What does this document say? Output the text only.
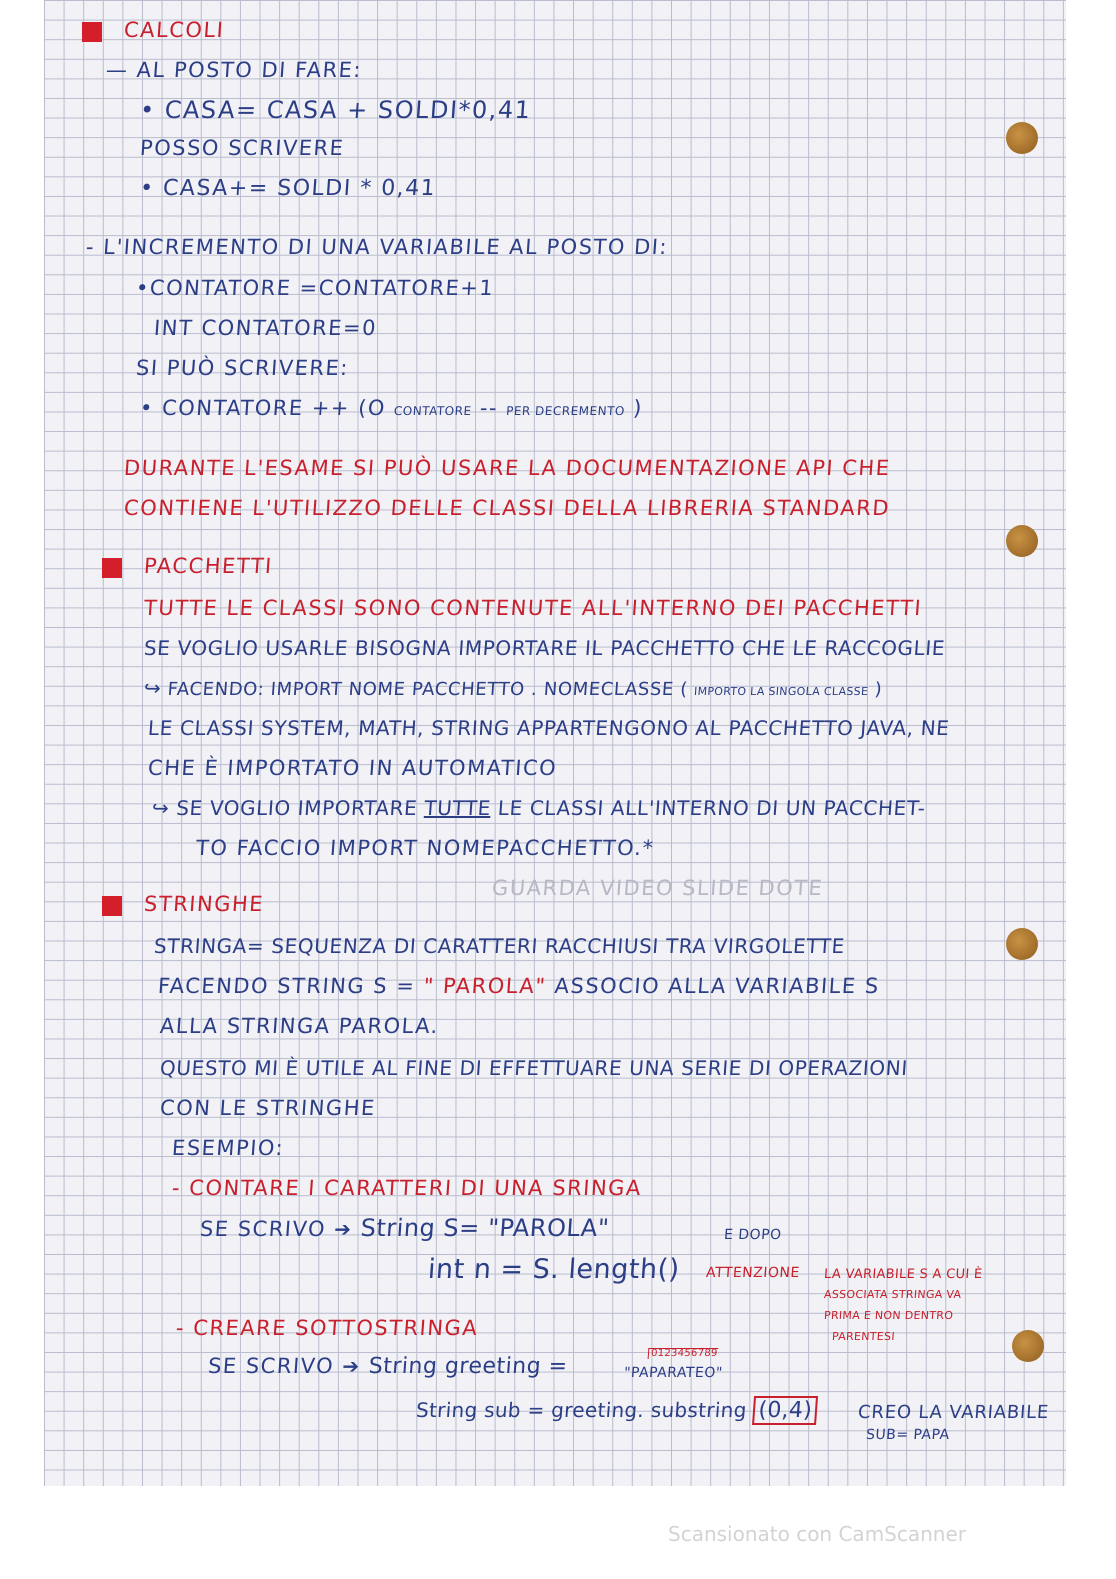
CALCOLI
— AL POSTO DI FARE:
• CASA= CASA + SOLDI*0,41
POSSO SCRIVERE
• CASA+= SOLDI * 0,41
- L'INCREMENTO DI UNA VARIABILE AL POSTO DI:
•CONTATORE =CONTATORE+1
INT CONTATORE=0
SI PUÒ SCRIVERE:
• CONTATORE ++ (O CONTATORE -- PER DECREMENTO )
DURANTE L'ESAME SI PUÒ USARE LA DOCUMENTAZIONE API CHE
CONTIENE L'UTILIZZO DELLE CLASSI DELLA LIBRERIA STANDARD
PACCHETTI
TUTTE LE CLASSI SONO CONTENUTE ALL'INTERNO DEI PACCHETTI
SE VOGLIO USARLE BISOGNA IMPORTARE IL PACCHETTO CHE LE RACCOGLIE
↪ FACENDO: IMPORT NOME PACCHETTO . NOMECLASSE ( IMPORTO LA SINGOLA CLASSE )
LE CLASSI SYSTEM, MATH, STRING APPARTENGONO AL PACCHETTO JAVA, NE
CHE È IMPORTATO IN AUTOMATICO
↪ SE VOGLIO IMPORTARE TUTTE LE CLASSI ALL'INTERNO DI UN PACCHET-
TO FACCIO IMPORT NOMEPACCHETTO.*
GUARDA VIDEO SLIDE DOTE
STRINGHE
STRINGA= SEQUENZA DI CARATTERI RACCHIUSI TRA VIRGOLETTE
FACENDO STRING S = " PAROLA" ASSOCIO ALLA VARIABILE S
ALLA STRINGA PAROLA.
QUESTO MI È UTILE AL FINE DI EFFETTUARE UNA SERIE DI OPERAZIONI
CON LE STRINGHE
ESEMPIO:
- CONTARE I CARATTERI DI UNA SRINGA
SE SCRIVO ➔ String S= "PAROLA"	E DOPO
int n = S. length() ATTENZIONE LA VARIABILE S A CUI È
ASSOCIATA STRINGA VA
PRIMA E NON DENTRO
PARENTESI
- CREARE SOTTOSTRINGA
SE SCRIVO ➔ String greeting =
0123456789
"PAPARATEO"
String sub = greeting. substring (0,4) CREO LA VARIABILE
SUB= PAPA
Scansionato con CamScanner
